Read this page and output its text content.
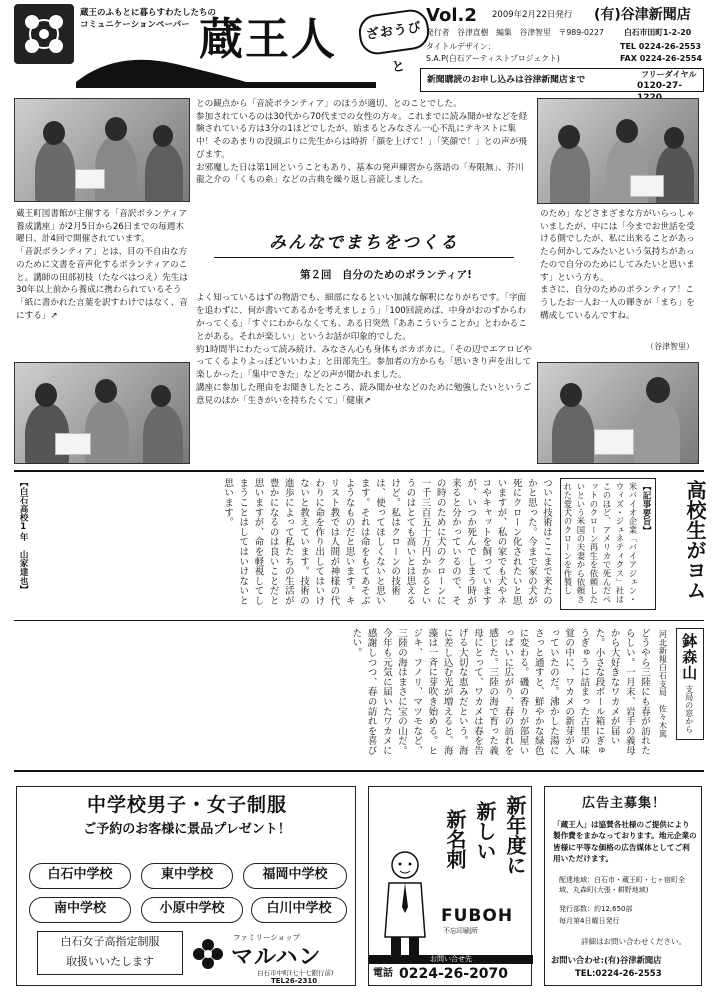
蔵王のふもとに暮らすわたしたちの
コミュニケーションペーパー 蔵王人	ざおうびと
Vol.2 2009年2月22日発行 (有)谷津新聞店
発行者　谷津直樹　編集　谷津智里　〒989-0227	白石市田町1-2-20
タイトルデザイン：	TEL 0224-26-2553
S.A.P(白石アーティストプロジェクト)	FAX 0224-26-2554
新聞購読のお申し込みは谷津新聞店まで
フリーダイヤル
0120-27-
蔵王町図書館が主催する「音訳ボランティア養成講座」が2月5日から26日までの毎週木曜日、計4回で開催されています。
「音訳ボランティア」とは、目の不自由な方のために文書を音声化するボランティアのこと。講師の田部初枝（たなべはつえ）先生は30年以上前から養成に携わられているそう「紙に書かれた言葉を訳すわけではなく、音にする」↗
との観点から「音読ボランティア」のほうが適切、とのことでした。
参加されているのは30代から70代までの女性の方々。これまでに読み聞かせなどを経験されている方は3分の1ほどでしたが、始まるとみなさん一心不乱にテキストに集中！そのあまりの没頭ぶりに先生からは時折「顔を上げて！」「笑顔で！」との声が飛びます。
お邪魔した日は第1回ということもあり、基本の発声練習から落語の「寿限無」、芥川龍之介の「くもの糸」などの古典を繰り返し音読しました。
みんなでまちをつくる
第２回　自分のためのボランティア!
よく知っているはずの物語でも、細部になるといい加減な解釈になりがちです。「字面を追わずに、何が書いてあるかを考えましょう」「100回読めば、中身がおのずからわかってくる」「すぐにわからなくても、ある日突然『ああこういうことか』とわかることがある。それが楽しい」というお話が印象的でした。
約1時間半にわたって読み続け、みなさん心も身体もポカポカに。「その辺でエアロビやってくるよりよっぽどいいわよ」と田部先生。参加者の方からも「思いきり声を出して楽しかった」「集中できた」などの声が聞かれました。
講座に参加した理由をお聞きしたところ、読み聞かせなどのために勉強したいというご意見のほか「生きがいを持ちたくて」「健康↗
のため」などさまざまな方がいらっしゃいましたが、中には「今までお世話を受ける側でしたが、私に出来ることがあったら何かしてみたいという気持ちがあったので自分のためにしてみたいと思います」という方も。
まさに、自分のためのボランティア！こうしたお一人お一人の輝きが「まち」を構成しているんですね。
（谷津智里）
高校生がヨム
【記事要旨】
米バイオ企業「バイアジェン・ウィズ・ジェネティクス」社はこのほど、アメリカで死んだペットのクローン再生を依頼したいという米国の夫妻から依頼された愛犬のクローンを作製し　　
ついに技術はここまで来たのかと思った。今まで家の犬が死にクローン化されたいと思いますが、私の家でも犬やネコやキャットを飼っていますが、いつか死んでしまう時が来ると分かっているので、その時のために犬のクローンに一千三百五十万円かかるというのはとても高いとは思えるけど。私はクローンの技術は、使ってほしくないと思います。それは命をもてあそぶようなものだと思います。キリスト教では人間が神様の代わりに命を作り出してはいけないと教えています。技術の進歩によって私たちの生活が豊かになるのは良いことだと思いますが、命を軽視してしまうことはしてはいけないと思います。
【白石高校1年　山家達也】
鉢森山
支局の窓から
河北新報白石支局　佐々木篤
どうやら三陸にも春が訪れたらしい。一月末、岩手の義母から大好きなワカメが届いた。小さな段ボール箱にぎゅうぎゅうに詰まった古里の味覚の中に、ワカメの新芽が入っていたのだ。沸かした湯にさっと通すと、鮮やかな緑色に変わる。磯の香りが部屋いっぱいに広がり、春の訪れを感じた。三陸の海で育った義母にとって、ワカメは春を告げる大切な恵みだという。海に差し込む光が増えると、海藻は一斉に芽吹き始める。ヒジキ、フノリ、マツモなど、三陸の海はまさに宝の山だ。今年も元気に届いたワカメに感謝しつつ、春の訪れを喜びたい。
中学校男子・女子制服
ご予約のお客様に景品プレゼント！
白石中学校	東中学校	福岡中学校
南中学校	小原中学校	白川中学校
白石女子高指定制服
取扱いいたします
ファミリーショップ
マルハン
白石市中町(七十七銀行前)
TEL26-2310
新年度に
新しい
新名刺
FUBOH
不忘印刷所
お問い合せ先
電話 0224-26-2070
広告主募集！
「蔵王人」は協賛各社様のご提供により製作費をまかなっております。地元企業の皆様に平等な価格の広告媒体としてご利用いただけます。
配達地域：白石市・蔵王町・七ヶ宿町全域、丸森町(大張・耕野地域)
発行部数：約12,650部
毎月第4日曜日発行
詳細はお問い合わせください。
お問い合わせ:(有)谷津新聞店
TEL:0224-26-2553
